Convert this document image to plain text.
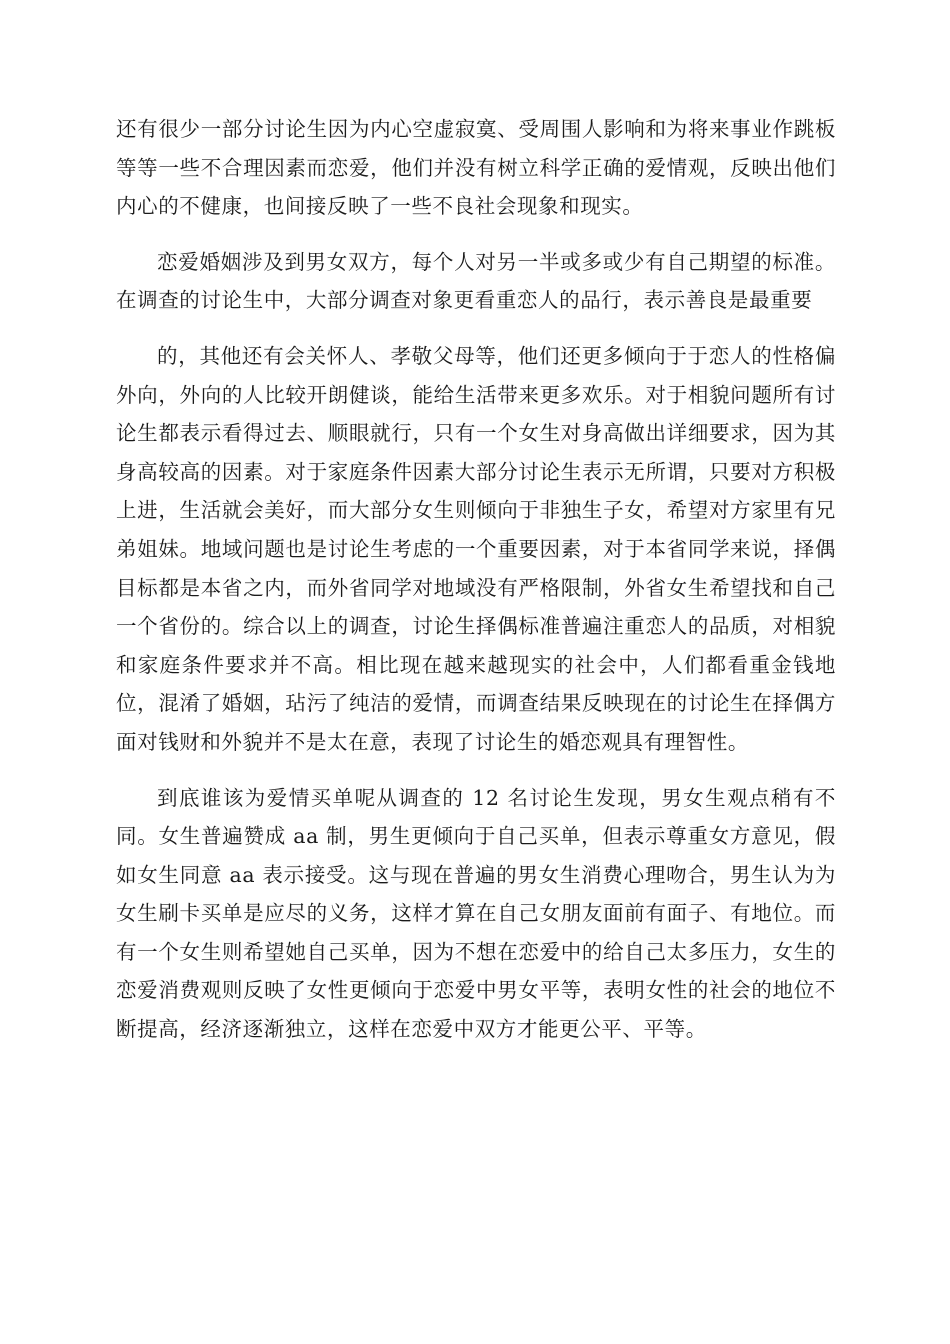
还有很少一部分讨论生因为内心空虚寂寞、受周围人影响和为将来事业作跳板等等一些不合理因素而恋爱，他们并没有树立科学正确的爱情观，反映出他们内心的不健康，也间接反映了一些不良社会现象和现实。

恋爱婚姻涉及到男女双方，每个人对另一半或多或少有自己期望的标准。在调查的讨论生中，大部分调查对象更看重恋人的品行，表示善良是最重要

的，其他还有会关怀人、孝敬父母等，他们还更多倾向于于恋人的性格偏外向，外向的人比较开朗健谈，能给生活带来更多欢乐。对于相貌问题所有讨论生都表示看得过去、顺眼就行，只有一个女生对身高做出详细要求，因为其身高较高的因素。对于家庭条件因素大部分讨论生表示无所谓，只要对方积极上进，生活就会美好，而大部分女生则倾向于非独生子女，希望对方家里有兄弟姐妹。地域问题也是讨论生考虑的一个重要因素，对于本省同学来说，择偶目标都是本省之内，而外省同学对地域没有严格限制，外省女生希望找和自己一个省份的。综合以上的调查，讨论生择偶标准普遍注重恋人的品质，对相貌和家庭条件要求并不高。相比现在越来越现实的社会中，人们都看重金钱地位，混淆了婚姻，玷污了纯洁的爱情，而调查结果反映现在的讨论生在择偶方面对钱财和外貌并不是太在意，表现了讨论生的婚恋观具有理智性。

到底谁该为爱情买单呢从调查的 12 名讨论生发现，男女生观点稍有不同。女生普遍赞成 aa 制，男生更倾向于自己买单，但表示尊重女方意见，假如女生同意 aa 表示接受。这与现在普遍的男女生消费心理吻合，男生认为为女生刷卡买单是应尽的义务，这样才算在自己女朋友面前有面子、有地位。而有一个女生则希望她自己买单，因为不想在恋爱中的给自己太多压力，女生的恋爱消费观则反映了女性更倾向于恋爱中男女平等，表明女性的社会的地位不断提高，经济逐渐独立，这样在恋爱中双方才能更公平、平等。
